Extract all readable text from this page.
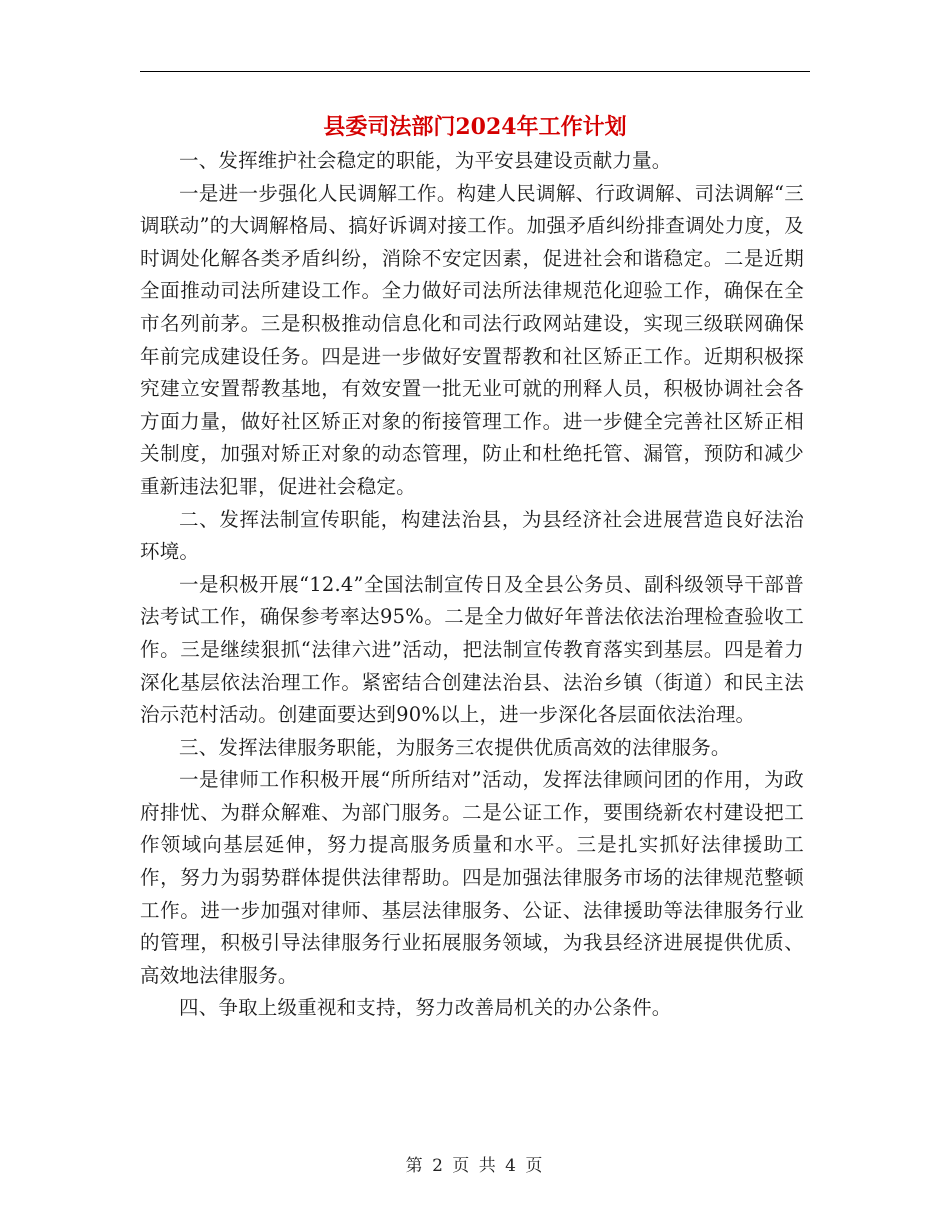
县委司法部门2024年工作计划

一、发挥维护社会稳定的职能，为平安县建设贡献力量。

一是进一步强化人民调解工作。构建人民调解、行政调解、司法调解“三调联动”的大调解格局、搞好诉调对接工作。加强矛盾纠纷排查调处力度，及时调处化解各类矛盾纠纷，消除不安定因素，促进社会和谐稳定。二是近期全面推动司法所建设工作。全力做好司法所法律规范化迎验工作，确保在全市名列前茅。三是积极推动信息化和司法行政网站建设，实现三级联网确保年前完成建设任务。四是进一步做好安置帮教和社区矫正工作。近期积极探究建立安置帮教基地，有效安置一批无业可就的刑释人员，积极协调社会各方面力量，做好社区矫正对象的衔接管理工作。进一步健全完善社区矫正相关制度，加强对矫正对象的动态管理，防止和杜绝托管、漏管，预防和减少重新违法犯罪，促进社会稳定。

二、发挥法制宣传职能，构建法治县，为县经济社会进展营造良好法治环境。

一是积极开展“12.4”全国法制宣传日及全县公务员、副科级领导干部普法考试工作，确保参考率达95%。二是全力做好年普法依法治理检查验收工作。三是继续狠抓“法律六进”活动，把法制宣传教育落实到基层。四是着力深化基层依法治理工作。紧密结合创建法治县、法治乡镇（街道）和民主法治示范村活动。创建面要达到90%以上，进一步深化各层面依法治理。

三、发挥法律服务职能，为服务三农提供优质高效的法律服务。

一是律师工作积极开展“所所结对”活动，发挥法律顾问团的作用，为政府排忧、为群众解难、为部门服务。二是公证工作，要围绕新农村建设把工作领域向基层延伸，努力提高服务质量和水平。三是扎实抓好法律援助工作，努力为弱势群体提供法律帮助。四是加强法律服务市场的法律规范整顿工作。进一步加强对律师、基层法律服务、公证、法律援助等法律服务行业的管理，积极引导法律服务行业拓展服务领域，为我县经济进展提供优质、高效地法律服务。

四、争取上级重视和支持，努力改善局机关的办公条件。

第 2 页 共 4 页
